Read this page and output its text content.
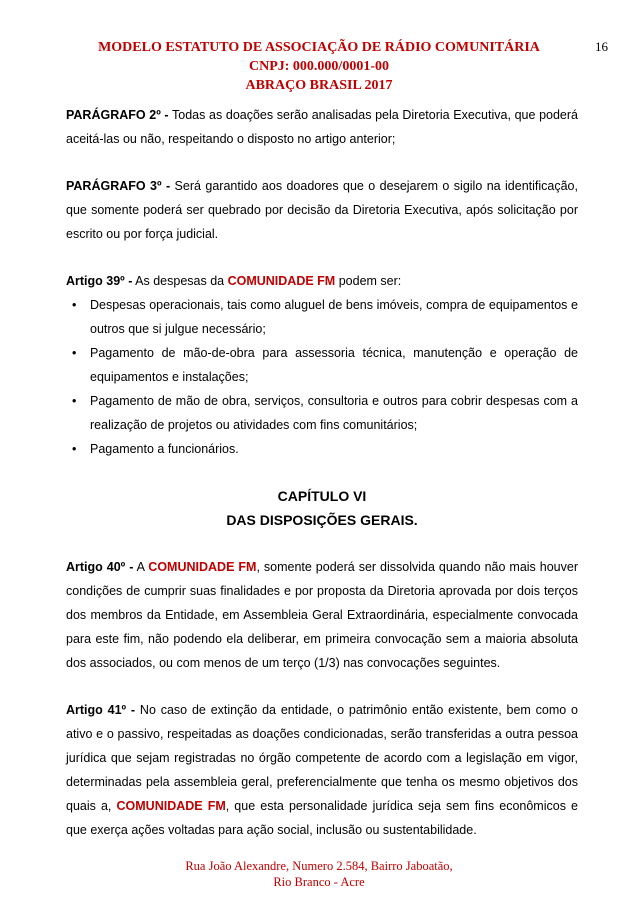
MODELO ESTATUTO DE ASSOCIAÇÃO DE RÁDIO COMUNITÁRIA
CNPJ: 000.000/0001-00
ABRAÇO BRASIL 2017
16

PARÁGRAFO 2º - Todas as doações serão analisadas pela Diretoria Executiva, que poderá aceitá-las ou não, respeitando o disposto no artigo anterior;

PARÁGRAFO 3º - Será garantido aos doadores que o desejarem o sigilo na identificação, que somente poderá ser quebrado por decisão da Diretoria Executiva, após solicitação por escrito ou por força judicial.

Artigo 39º - As despesas da COMUNIDADE FM podem ser:

• Despesas operacionais, tais como aluguel de bens imóveis, compra de equipamentos e outros que si julgue necessário;
• Pagamento de mão-de-obra para assessoria técnica, manutenção e operação de equipamentos e instalações;
• Pagamento de mão de obra, serviços, consultoria e outros para cobrir despesas com a realização de projetos ou atividades com fins comunitários;
• Pagamento a funcionários.
CAPÍTULO VI
DAS DISPOSIÇÕES GERAIS.

Artigo 40º - A COMUNIDADE FM, somente poderá ser dissolvida quando não mais houver condições de cumprir suas finalidades e por proposta da Diretoria aprovada por dois terços dos membros da Entidade, em Assembleia Geral Extraordinária, especialmente convocada para este fim, não podendo ela deliberar, em primeira convocação sem a maioria absoluta dos associados, ou com menos de um terço (1/3) nas convocações seguintes.

Artigo 41º - No caso de extinção da entidade, o patrimônio então existente, bem como o ativo e o passivo, respeitadas as doações condicionadas, serão transferidas a outra pessoa jurídica que sejam registradas no órgão competente de acordo com a legislação em vigor, determinadas pela assembleia geral, preferencialmente que tenha os mesmo objetivos dos quais a, COMUNIDADE FM, que esta personalidade jurídica seja sem fins econômicos e que exerça ações voltadas para ação social, inclusão ou sustentabilidade.

Rua João Alexandre, Numero 2.584, Bairro Jaboatão,
Rio Branco - Acre
